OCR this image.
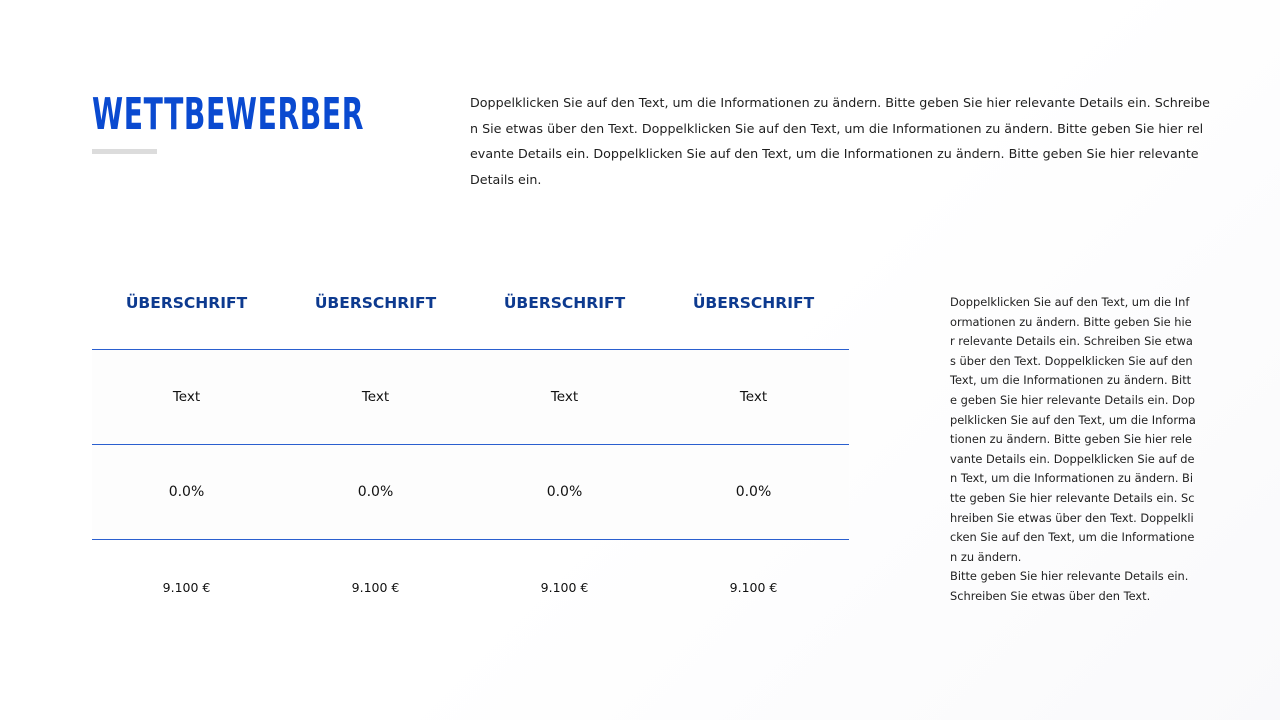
WETTBEWERBER	Doppelklicken Sie auf den Text, um die Informationen zu ändern. Bitte geben Sie hier relevante Details ein. Schreiben Sie etwas über den Text. Doppelklicken Sie auf den Text, um die Informationen zu ändern. Bitte geben Sie hier relevante Details ein. Doppelklicken Sie auf den Text, um die Informationen zu ändern. Bitte geben Sie hier relevante Details ein.

ÜBERSCHRIFT	ÜBERSCHRIFT	ÜBERSCHRIFT	ÜBERSCHRIFT
Text	Text	Text	Text
0.0%	0.0%	0.0%	0.0%
9.100 €	9.100 €	9.100 €	9.100 €
Doppelklicken Sie auf den Text, um die Informationen zu ändern. Bitte geben Sie hier relevante Details ein. Schreiben Sie etwas über den Text. Doppelklicken Sie auf den Text, um die Informationen zu ändern. Bitte geben Sie hier relevante Details ein. Doppelklicken Sie auf den Text, um die Informationen zu ändern. Bitte geben Sie hier relevante Details ein. Doppelklicken Sie auf den Text, um die Informationen zu ändern. Bitte geben Sie hier relevante Details ein. Schreiben Sie etwas über den Text. Doppelklicken Sie auf den Text, um die Informationen zu ändern.
Bitte geben Sie hier relevante Details ein. Schreiben Sie etwas über den Text.
